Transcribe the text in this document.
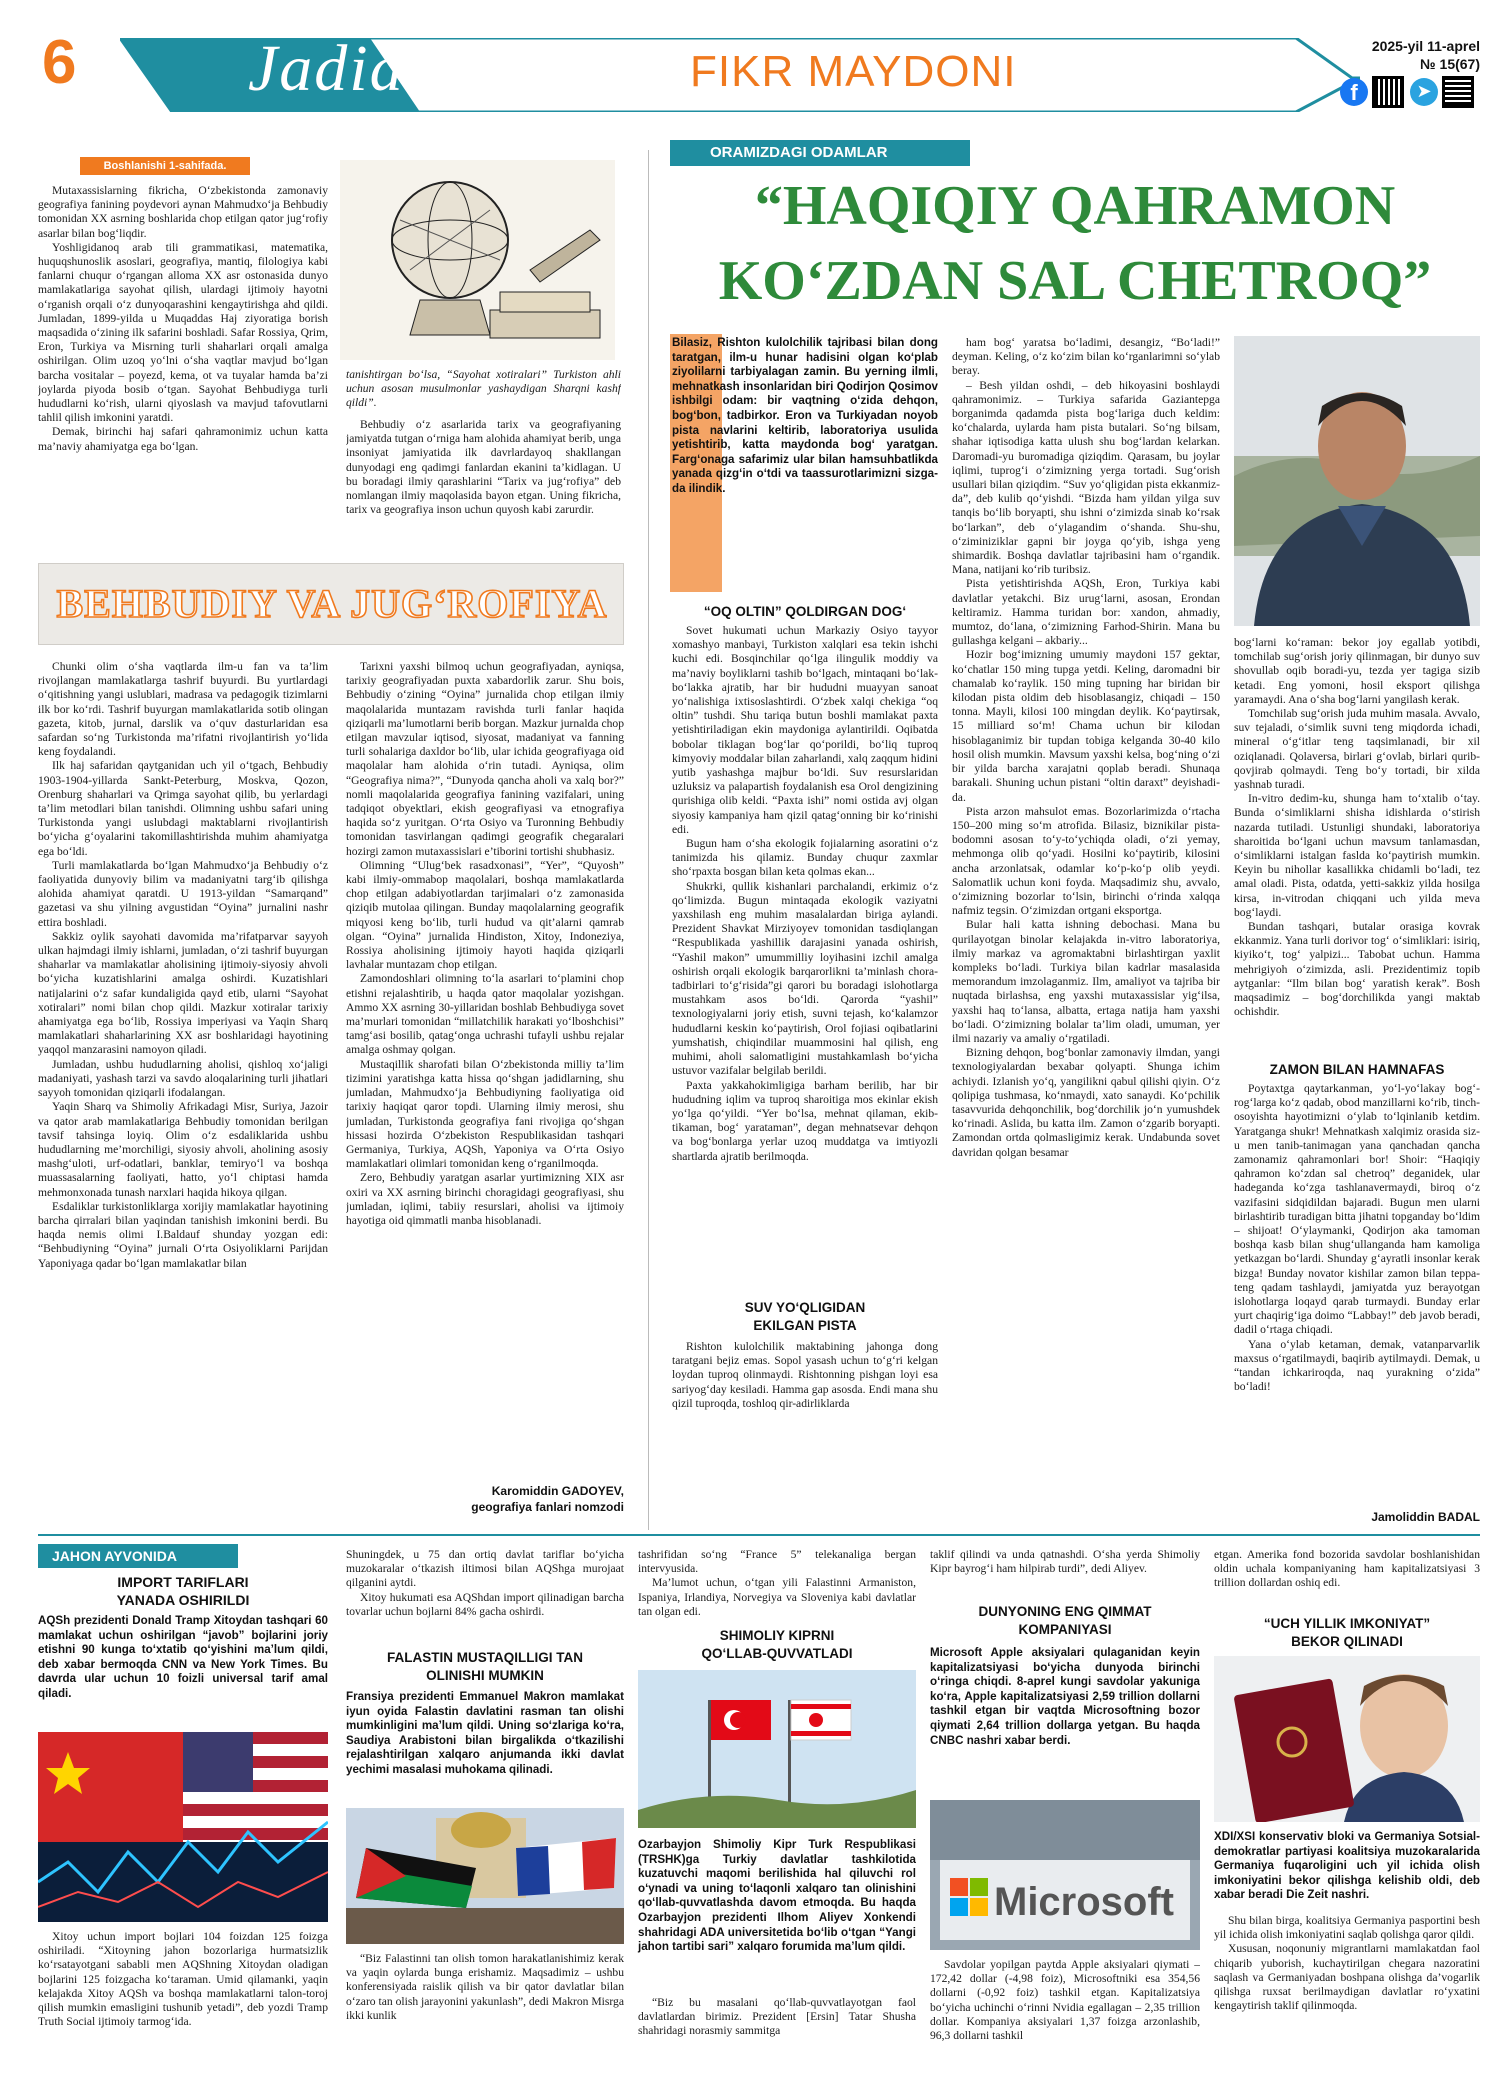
6	Jadid	FIKR MAYDONI
2025-yil 11-aprel
№ 15(67)
f	➤
Boshlanishi 1-sahifada.

Mutaxassislarning fikricha, O‘zbekistonda zamonaviy geografiya fanining poydevori aynan Mahmudxo‘ja Behbudiy tomonidan XX asrning boshlarida chop etilgan qator jug‘rofiy asarlar bilan bog‘liqdir.

Yoshligidanoq arab tili grammatikasi, matematika, huquqshunoslik asoslari, geografiya, mantiq, filologiya kabi fanlarni chuqur o‘rgangan alloma XX asr ostonasida dunyo mamlakatlariga sayohat qilish, ulardagi ijtimoiy hayotni o‘rganish orqali o‘z dunyoqarashini kengaytirishga ahd qildi. Jumladan, 1899-yilda u Muqaddas Haj ziyoratiga borish maqsadida o‘zining ilk safarini boshladi. Safar Rossiya, Qrim, Eron, Turkiya va Misrning turli shaharlari orqali amalga oshirilgan. Olim uzoq yo‘lni o‘sha vaqtlar mavjud bo‘lgan barcha vositalar – poyezd, kema, ot va tuyalar hamda ba’zi joylarda piyoda bosib o‘tgan. Sayohat Behbudiyga turli hududlarni ko‘rish, ularni qiyoslash va mavjud tafovutlarni tahlil qilish imkonini yaratdi.

Demak, birinchi haj safari qahramonimiz uchun katta ma’naviy ahamiyatga ega bo‘lgan.

tanishtirgan bo‘lsa, “Sayohat xotiralari” Turkiston ahli uchun asosan musulmonlar yashaydigan Sharqni kashf qildi”.

Behbudiy o‘z asarlarida tarix va geografiyaning jamiyatda tutgan o‘rniga ham alohida ahamiyat berib, unga insoniyat jamiyatida ilk davrlardayoq shakllangan dunyodagi eng qadimgi fanlardan ekanini ta’kidlagan. U bu boradagi ilmiy qarashlarini “Tarix va jug‘rofiya” deb nomlangan ilmiy maqolasida bayon etgan. Uning fikricha, tarix va geografiya inson uchun quyosh kabi zarurdir.

BEHBUDIY VA JUG‘ROFIYA

Chunki olim o‘sha vaqtlarda ilm-u fan va ta’lim rivojlangan mamlakatlarga tashrif buyurdi. Bu yurtlardagi o‘qitishning yangi uslublari, madrasa va pedagogik tizimlarni ilk bor ko‘rdi. Tashrif buyurgan mamlakatlarida sotib olingan gazeta, kitob, jurnal, darslik va o‘quv dasturlaridan esa safardan so‘ng Turkistonda ma’rifatni rivojlantirish yo‘lida keng foydalandi.

Ilk haj safaridan qaytganidan uch yil o‘tgach, Behbudiy 1903-1904-yillarda Sankt-Peterburg, Moskva, Qozon, Orenburg shaharlari va Qrimga sayohat qilib, bu yerlardagi ta’lim metodlari bilan tanishdi. Olimning ushbu safari uning Turkistonda yangi uslubdagi maktablarni rivojlantirish bo‘yicha g‘oyalarini takomillashtirishda muhim ahamiyatga ega bo‘ldi.

Turli mamlakatlarda bo‘lgan Mahmudxo‘ja Behbudiy o‘z faoliyatida dunyoviy bilim va madaniyatni targ‘ib qilishga alohida ahamiyat qaratdi. U 1913-yildan “Samarqand” gazetasi va shu yilning avgustidan “Oyina” jurnalini nashr ettira boshladi.

Sakkiz oylik sayohati davomida ma’rifatparvar sayyoh ulkan hajmdagi ilmiy ishlarni, jumladan, o‘zi tashrif buyurgan shaharlar va mamlakatlar aholisining ijtimoiy-siyosiy ahvoli bo‘yicha kuzatishlarini amalga oshirdi. Kuzatishlari natijalarini o‘z safar kundaligida qayd etib, ularni “Sayohat xotiralari” nomi bilan chop qildi. Mazkur xotiralar tarixiy ahamiyatga ega bo‘lib, Rossiya imperiyasi va Yaqin Sharq mamlakatlari shaharlarining XX asr boshlaridagi hayotining yaqqol manzarasini namoyon qiladi.

Jumladan, ushbu hududlarning aholisi, qishloq xo‘jaligi madaniyati, yashash tarzi va savdo aloqalarining turli jihatlari sayyoh tomonidan qiziqarli ifodalangan.

Yaqin Sharq va Shimoliy Afrikadagi Misr, Suriya, Jazoir va qator arab mamlakatlariga Behbudiy tomonidan berilgan tavsif tahsinga loyiq. Olim o‘z esdaliklarida ushbu hududlarning me’morchiligi, siyosiy ahvoli, aholining asosiy mashg‘uloti, urf-odatlari, banklar, temiryo‘l va boshqa muassasalarning faoliyati, hatto, yo‘l chiptasi hamda mehmonxonada tunash narxlari haqida hikoya qilgan.

Esdaliklar turkistonliklarga xorijiy mamlakatlar hayotining barcha qirralari bilan yaqindan tanishish imkonini berdi. Bu haqda nemis olimi I.Baldauf shunday yozgan edi: “Behbudiyning “Oyina” jurnali O‘rta Osiyoliklarni Parijdan Yaponiyaga qadar bo‘lgan mamlakatlar bilan

Tarixni yaxshi bilmoq uchun geografiyadan, ayniqsa, tarixiy geografiyadan puxta xabardorlik zarur. Shu bois, Behbudiy o‘zining “Oyina” jurnalida chop etilgan ilmiy maqolalarida muntazam ravishda turli fanlar haqida qiziqarli ma’lumotlarni berib borgan. Mazkur jurnalda chop etilgan mavzular iqtisod, siyosat, madaniyat va fanning turli sohalariga daxldor bo‘lib, ular ichida geografiyaga oid maqolalar ham alohida o‘rin tutadi. Ayniqsa, olim “Geografiya nima?”, “Dunyoda qancha aholi va xalq bor?” nomli maqolalarida geografiya fanining vazifalari, uning tadqiqot obyektlari, ekish geografiyasi va etnografiya haqida so‘z yuritgan. O‘rta Osiyo va Turonning Behbudiy tomonidan tasvirlangan qadimgi geografik chegaralari hozirgi zamon mutaxassislari e’tiborini tortishi shubhasiz.

Olimning “Ulug‘bek rasadxonasi”, “Yer”, “Quyosh” kabi ilmiy-ommabop maqolalari, boshqa mamlakatlarda chop etilgan adabiyotlardan tarjimalari o‘z zamonasida qiziqib mutolaa qilingan. Bunday maqolalarning geografik miqyosi keng bo‘lib, turli hudud va qit’alarni qamrab olgan. “Oyina” jurnalida Hindiston, Xitoy, Indoneziya, Rossiya aholisining ijtimoiy hayoti haqida qiziqarli lavhalar muntazam chop etilgan.

Zamondoshlari olimning to‘la asarlari to‘plamini chop etishni rejalashtirib, u haqda qator maqolalar yozishgan. Ammo XX asrning 30-yillaridan boshlab Behbudiyga sovet ma’murlari tomonidan “millatchilik harakati yo‘lboshchisi” tamg‘asi bosilib, qatag‘onga uchrashi tufayli ushbu rejalar amalga oshmay qolgan.

Mustaqillik sharofati bilan O‘zbekistonda milliy ta’lim tizimini yaratishga katta hissa qo‘shgan jadidlarning, shu jumladan, Mahmudxo‘ja Behbudiyning faoliyatiga oid tarixiy haqiqat qaror topdi. Ularning ilmiy merosi, shu jumladan, Turkistonda geografiya fani rivojiga qo‘shgan hissasi hozirda O‘zbekiston Respublikasidan tashqari Germaniya, Turkiya, AQSh, Yaponiya va O‘rta Osiyo mamlakatlari olimlari tomonidan keng o‘rganilmoqda.

Zero, Behbudiy yaratgan asarlar yurtimizning XIX asr oxiri va XX asrning birinchi choragidagi geografiyasi, shu jumladan, iqlimi, tabiiy resurslari, aholisi va ijtimoiy hayotiga oid qimmatli manba hisoblanadi.

Karomiddin GADOYEV,
geografiya fanlari nomzodi
ORAMIZDAGI ODAMLAR
“HAQIQIY QAHRAMON
KO‘ZDAN SAL CHETROQ”
Bilasiz, Rishton kulolchilik tajribasi bilan dong taratgan, ilm-u hunar hadisini olgan ko‘plab ziyolilarni tarbiyalagan zamin. Bu yerning ilmli, mehnatkash insonlaridan biri Qodirjon Qosimov ishbilgi odam: bir vaqtning o‘zida dehqon, bog‘bon, tadbirkor. Eron va Turkiyadan noyob pista navlarini keltirib, laboratoriya usulida yetishtirib, katta maydonda bog‘ yaratgan. Farg‘onaga safarimiz ular bilan hamsuhbatlikda yanada qizg‘in o‘tdi va taassurotlarimizni sizga-da ilindik.
“OQ OLTIN” QOLDIRGAN DOG‘

Sovet hukumati uchun Markaziy Osiyo tayyor xomashyo manbayi, Turkiston xalqlari esa tekin ishchi kuchi edi. Bosqinchilar qo‘lga ilingulik moddiy va ma’naviy boyliklarni tashib bo‘lgach, mintaqani bo‘lak-bo‘lakka ajratib, har bir hududni muayyan sanoat yo‘nalishiga ixtisoslashtirdi. O‘zbek xalqi chekiga “oq oltin” tushdi. Shu tariqa butun boshli mamlakat paxta yetishtiriladigan ekin maydoniga aylantirildi. Oqibatda bobolar tiklagan bog‘lar qo‘porildi, bo‘liq tuproq kimyoviy moddalar bilan zaharlandi, xalq zaqqum hidini yutib yashashga majbur bo‘ldi. Suv resurslaridan uzluksiz va palapartish foydalanish esa Orol dengizining qurishiga olib keldi. “Paxta ishi” nomi ostida avj olgan siyosiy kampaniya ham qizil qatag‘onning bir ko‘rinishi edi.

Bugun ham o‘sha ekologik fojialarning asoratini o‘z tanimizda his qilamiz. Bunday chuqur zaxmlar sho‘rpaxta bosgan bilan keta qolmas ekan...

Shukrki, qullik kishanlari parchalandi, erkimiz o‘z qo‘limizda. Bugun mintaqada ekologik vaziyatni yaxshilash eng muhim masalalardan biriga aylandi. Prezident Shavkat Mirziyoyev tomonidan tasdiqlangan “Respublikada yashillik darajasini yanada oshirish, “Yashil makon” umummilliy loyihasini izchil amalga oshirish orqali ekologik barqarorlikni ta’minlash chora-tadbirlari to‘g‘risida”gi qarori bu boradagi islohotlarga mustahkam asos bo‘ldi. Qarorda “yashil” texnologiyalarni joriy etish, suvni tejash, ko‘kalamzor hududlarni keskin ko‘paytirish, Orol fojiasi oqibatlarini yumshatish, chiqindilar muammosini hal qilish, eng muhimi, aholi salomatligini mustahkamlash bo‘yicha ustuvor vazifalar belgilab berildi.

Paxta yakkahokimligiga barham berilib, har bir hududning iqlim va tuproq sharoitiga mos ekinlar ekish yo‘lga qo‘yildi. “Yer bo‘lsa, mehnat qilaman, ekib-tikaman, bog‘ yarataman”, degan mehnatsevar dehqon va bog‘bonlarga yerlar uzoq muddatga va imtiyozli shartlarda ajratib berilmoqda.

SUV YO‘QLIGIDAN
EKILGAN PISTA

Rishton kulolchilik maktabining jahonga dong taratgani bejiz emas. Sopol yasash uchun to‘g‘ri kelgan loydan tuproq olinmaydi. Rishtonning pishgan loyi esa sariyog‘day kesiladi. Hamma gap asosda. Endi mana shu qizil tuproqda, toshloq qir-adirliklarda

ham bog‘ yaratsa bo‘ladimi, desangiz, “Bo‘ladi!” deyman. Keling, o‘z ko‘zim bilan ko‘rganlarimni so‘ylab beray.

– Besh yildan oshdi, – deb hikoyasini boshlaydi qahramonimiz. – Turkiya safarida Gaziantepga borganimda qadamda pista bog‘lariga duch keldim: ko‘chalarda, uylarda ham pista butalari. So‘ng bilsam, shahar iqtisodiga katta ulush shu bog‘lardan kelarkan. Daromadi-yu buromadiga qiziqdim. Qarasam, bu joylar iqlimi, tuprog‘i o‘zimizning yerga tortadi. Sug‘orish usullari bilan qiziqdim. “Suv yo‘qligidan pista ekkanmiz-da”, deb kulib qo‘yishdi. “Bizda ham yildan yilga suv tanqis bo‘lib boryapti, shu ishni o‘zimizda sinab ko‘rsak bo‘larkan”, deb o‘ylagandim o‘shanda. Shu-shu, o‘ziminiziklar gapni bir joyga qo‘yib, ishga yeng shimardik. Boshqa davlatlar tajribasini ham o‘rgandik. Mana, natijani ko‘rib turibsiz.

Pista yetishtirishda AQSh, Eron, Turkiya kabi davlatlar yetakchi. Biz urug‘larni, asosan, Erondan keltiramiz. Hamma turidan bor: xandon, ahmadiy, mumtoz, do‘lana, o‘zimizning Farhod-Shirin. Mana bu gullashga kelgani – akbariy...

Hozir bog‘imizning umumiy maydoni 157 gektar, ko‘chatlar 150 ming tupga yetdi. Keling, daromadni bir chamalab ko‘raylik. 150 ming tupning har biridan bir kilodan pista oldim deb hisoblasangiz, chiqadi – 150 tonna. Mayli, kilosi 100 mingdan deylik. Ko‘paytirsak, 15 milliard so‘m! Chama uchun bir kilodan hisoblaganimiz bir tupdan tobiga kelganda 30-40 kilo hosil olish mumkin. Mavsum yaxshi kelsa, bog‘ning o‘zi bir yilda barcha xarajatni qoplab beradi. Shunaqa barakali. Shuning uchun pistani “oltin daraxt” deyishadi-da.

Pista arzon mahsulot emas. Bozorlarimizda o‘rtacha 150–200 ming so‘m atrofida. Bilasiz, biznikilar pista-bodomni asosan to‘y-to‘ychiqda oladi, o‘zi yemay, mehmonga olib qo‘yadi. Hosilni ko‘paytirib, kilosini ancha arzonlatsak, odamlar ko‘p-ko‘p olib yeydi. Salomatlik uchun koni foyda. Maqsadimiz shu, avvalo, o‘zimizning bozorlar to‘lsin, birinchi o‘rinda xalqqa nafmiz tegsin. O‘zimizdan ortgani eksportga.

Bular hali katta ishning debochasi. Mana bu qurilayotgan binolar kelajakda in-vitro laboratoriya, ilmiy markaz va agromaktabni birlashtirgan yaxlit kompleks bo‘ladi. Turkiya bilan kadrlar masalasida memorandum imzolaganmiz. Ilm, amaliyot va tajriba bir nuqtada birlashsa, eng yaxshi mutaxassislar yig‘ilsa, yaxshi haq to‘lansa, albatta, ertaga natija ham yaxshi bo‘ladi. O‘zimizning bolalar ta’lim oladi, umuman, yer ilmi nazariy va amaliy o‘rgatiladi.

Bizning dehqon, bog‘bonlar zamonaviy ilmdan, yangi texnologiyalardan bexabar qolyapti. Shunga ichim achiydi. Izlanish yo‘q, yangilikni qabul qilishi qiyin. O‘z qolipiga tushmasa, ko‘nmaydi, xato sanaydi. Ko‘pchilik tasavvurida dehqonchilik, bog‘dorchilik jo‘n yumushdek ko‘rinadi. Aslida, bu katta ilm. Zamon o‘zgarib boryapti. Zamondan ortda qolmasligimiz kerak. Undabunda sovet davridan qolgan besamar

bog‘larni ko‘raman: bekor joy egallab yotibdi, tomchilab sug‘orish joriy qilinmagan, bir dunyo suv shovullab oqib boradi-yu, tezda yer tagiga sizib ketadi. Eng yomoni, hosil eksport qilishga yaramaydi. Ana o‘sha bog‘larni yangilash kerak.

Tomchilab sug‘orish juda muhim masala. Avvalo, suv tejaladi, o‘simlik suvni teng miqdorda ichadi, mineral o‘g‘itlar teng taqsimlanadi, bir xil oziqlanadi. Qolaversa, birlari g‘ovlab, birlari qurib-qovjirab qolmaydi. Teng bo‘y tortadi, bir xilda yashnab turadi.

In-vitro dedim-ku, shunga ham to‘xtalib o‘tay. Bunda o‘simliklarni shisha idishlarda o‘stirish nazarda tutiladi. Ustunligi shundaki, laboratoriya sharoitida bo‘lgani uchun mavsum tanlamasdan, o‘simliklarni istalgan faslda ko‘paytirish mumkin. Keyin bu nihollar kasallikka chidamli bo‘ladi, tez amal oladi. Pista, odatda, yetti-sakkiz yilda hosilga kirsa, in-vitrodan chiqqani uch yilda meva bog‘laydi.

Bundan tashqari, butalar orasiga kovrak ekkanmiz. Yana turli dorivor tog‘ o‘simliklari: isiriq, kiyiko‘t, tog‘ yalpizi... Tabobat uchun. Hamma mehrigiyoh o‘zimizda, asli. Prezidentimiz topib aytganlar: “Ilm bilan bog‘ yaratish kerak”. Bosh maqsadimiz – bog‘dorchilikda yangi maktab ochishdir.

ZAMON BILAN HAMNAFAS

Poytaxtga qaytarkanman, yo‘l-yo‘lakay bog‘-rog‘larga ko‘z qadab, obod manzillarni ko‘rib, tinch-osoyishta hayotimizni o‘ylab to‘lqinlanib ketdim. Yaratganga shukr! Mehnatkash xalqimiz orasida siz-u men tanib-tanimagan yana qanchadan qancha zamonamiz qahramonlari bor! Shoir: “Haqiqiy qahramon ko‘zdan sal chetroq” deganidek, ular hadeganda ko‘zga tashlanavermaydi, biroq o‘z vazifasini sidqidildan bajaradi. Bugun men ularni birlashtirib turadigan bitta jihatni topganday bo‘ldim – shijoat! O‘ylaymanki, Qodirjon aka tamoman boshqa kasb bilan shug‘ullanganda ham kamoliga yetkazgan bo‘lardi. Shunday g‘ayratli insonlar kerak bizga! Bunday novator kishilar zamon bilan teppa-teng qadam tashlaydi, jamiyatda yuz berayotgan islohotlarga loqayd qarab turmaydi. Bunday erlar yurt chaqirig‘iga doimo “Labbay!” deb javob beradi, dadil o‘rtaga chiqadi.

Yana o‘ylab ketaman, demak, vatanparvarlik maxsus o‘rgatilmaydi, baqirib aytilmaydi. Demak, u “tandan ichkariroqda, naq yurakning o‘zida” bo‘ladi!

Jamoliddin BADAL
JAHON AYVONIDA
IMPORT TARIFLARI
YANADA OSHIRILDI
AQSh prezidenti Donald Tramp Xitoydan tashqari 60 mamlakat uchun oshirilgan “javob” bojlarini joriy etishni 90 kunga to‘xtatib qo‘yishini ma’lum qildi, deb xabar bermoqda CNN va New York Times. Bu davrda ular uchun 10 foizli universal tarif amal qiladi.

Xitoy uchun import bojlari 104 foizdan 125 foizga oshiriladi. “Xitoyning jahon bozorlariga hurmatsizlik ko‘rsatayotgani sababli men AQShning Xitoydan oladigan bojlarini 125 foizgacha ko‘taraman. Umid qilamanki, yaqin kelajakda Xitoy AQSh va boshqa mamlakatlarni talon-toroj qilish mumkin emasligini tushunib yetadi”, deb yozdi Tramp Truth Social ijtimoiy tarmog‘ida.

Shuningdek, u 75 dan ortiq davlat tariflar bo‘yicha muzokaralar o‘tkazish iltimosi bilan AQShga murojaat qilganini aytdi.

Xitoy hukumati esa AQShdan import qilinadigan barcha tovarlar uchun bojlarni 84% gacha oshirdi.

FALASTIN MUSTAQILLIGI TAN
OLINISHI MUMKIN
Fransiya prezidenti Emmanuel Makron mamlakat iyun oyida Falastin davlatini rasman tan olishi mumkinligini ma’lum qildi. Uning so‘zlariga ko‘ra, Saudiya Arabistoni bilan birgalikda o‘tkazilishi rejalashtirilgan xalqaro anjumanda ikki davlat yechimi masalasi muhokama qilinadi.

“Biz Falastinni tan olish tomon harakatlanishimiz kerak va yaqin oylarda bunga erishamiz. Maqsadimiz – ushbu konferensiyada raislik qilish va bir qator davlatlar bilan o‘zaro tan olish jarayonini yakunlash”, dedi Makron Misrga ikki kunlik

tashrifidan so‘ng “France 5” telekanaliga bergan intervyusida.

Ma’lumot uchun, o‘tgan yili Falastinni Armaniston, Ispaniya, Irlandiya, Norvegiya va Sloveniya kabi davlatlar tan olgan edi.

SHIMOLIY KIPRNI
QO‘LLAB-QUVVATLADI
Ozarbayjon Shimoliy Kipr Turk Respublikasi (TRSHK)ga Turkiy davlatlar tashkilotida kuzatuvchi maqomi berilishida hal qiluvchi rol o‘ynadi va uning to‘laqonli xalqaro tan olinishini qo‘llab-quvvatlashda davom etmoqda. Bu haqda Ozarbayjon prezidenti Ilhom Aliyev Xonkendi shahridagi ADA universitetida bo‘lib o‘tgan “Yangi jahon tartibi sari” xalqaro forumida ma’lum qildi.

“Biz bu masalani qo‘llab-quvvatlayotgan faol davlatlardan birimiz. Prezident [Ersin] Tatar Shusha shahridagi norasmiy sammitga

taklif qilindi va unda qatnashdi. O‘sha yerda Shimoliy Kipr bayrog‘i ham hilpirab turdi”, dedi Aliyev.

DUNYONING ENG QIMMAT
KOMPANIYASI
Microsoft Apple aksiyalari qulaganidan keyin kapitalizatsiyasi bo‘yicha dunyoda birinchi o‘ringa chiqdi. 8-aprel kungi savdolar yakuniga ko‘ra, Apple kapitalizatsiyasi 2,59 trillion dollarni tashkil etgan bir vaqtda Microsoftning bozor qiymati 2,64 trillion dollarga yetgan. Bu haqda CNBC nashri xabar berdi.
Microsoft

Savdolar yopilgan paytda Apple aksiyalari qiymati – 172,42 dollar (-4,98 foiz), Microsoftniki esa 354,56 dollarni (-0,92 foiz) tashkil etgan. Kapitalizatsiya bo‘yicha uchinchi o‘rinni Nvidia egallagan – 2,35 trillion dollar. Kompaniya aksiyalari 1,37 foizga arzonlashib, 96,3 dollarni tashkil

etgan. Amerika fond bozorida savdolar boshlanishidan oldin uchala kompaniyaning ham kapitalizatsiyasi 3 trillion dollardan oshiq edi.

“UCH YILLIK IMKONIYAT”
BEKOR QILINADI
XDI/XSI konservativ bloki va Germaniya Sotsial-demokratlar partiyasi koalitsiya muzokaralarida Germaniya fuqaroligini uch yil ichida olish imkoniyatini bekor qilishga kelishib oldi, deb xabar beradi Die Zeit nashri.

Shu bilan birga, koalitsiya Germaniya pasportini besh yil ichida olish imkoniyatini saqlab qolishga qaror qildi.

Xususan, noqonuniy migrantlarni mamlakatdan faol chiqarib yuborish, kuchaytirilgan chegara nazoratini saqlash va Germaniyadan boshpana olishga da’vogarlik qilishga ruxsat berilmaydigan davlatlar ro‘yxatini kengaytirish taklif qilinmoqda.
